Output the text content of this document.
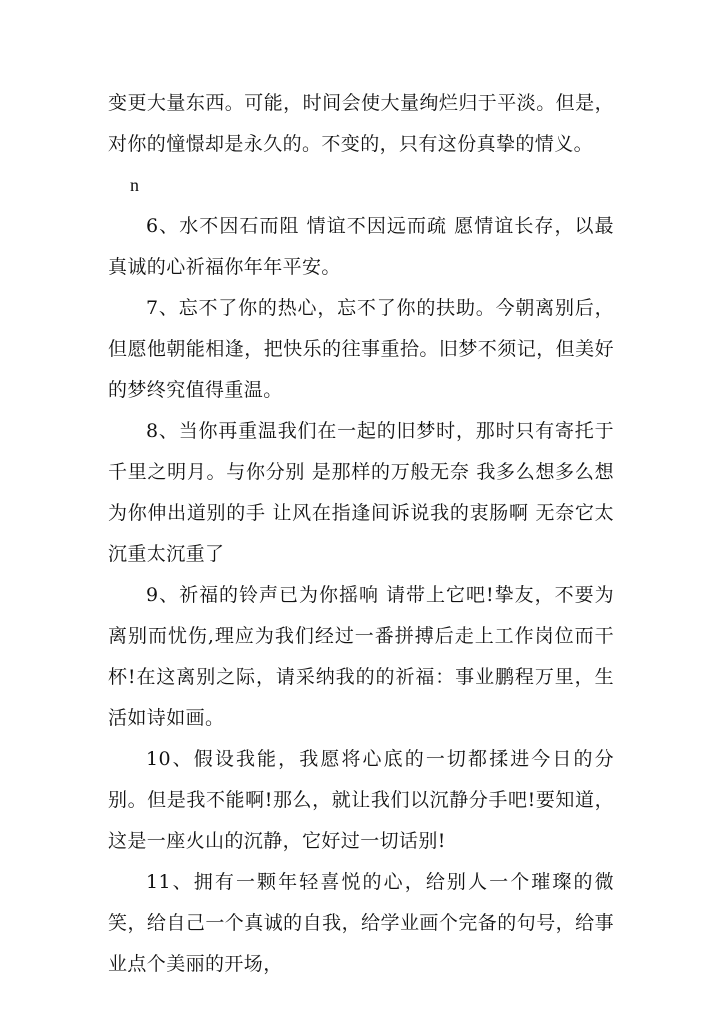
变更大量东西。可能，时间会使大量绚烂归于平淡。但是，对你的憧憬却是永久的。不变的，只有这份真挚的情义。

n

6、水不因石而阻 情谊不因远而疏 愿情谊长存，以最真诚的心祈福你年年平安。

7、忘不了你的热心，忘不了你的扶助。今朝离别后，但愿他朝能相逢，把快乐的往事重拾。旧梦不须记，但美好的梦终究值得重温。

8、当你再重温我们在一起的旧梦时，那时只有寄托于千里之明月。与你分别 是那样的万般无奈 我多么想多么想为你伸出道别的手 让风在指逢间诉说我的衷肠啊 无奈它太沉重太沉重了

9、祈福的铃声已为你摇响 请带上它吧!挚友，不要为离别而忧伤,理应为我们经过一番拼搏后走上工作岗位而干杯!在这离别之际，请采纳我的的祈福：事业鹏程万里，生活如诗如画。

10、假设我能，我愿将心底的一切都揉进今日的分别。但是我不能啊!那么，就让我们以沉静分手吧!要知道，这是一座火山的沉静，它好过一切话别!

11、拥有一颗年轻喜悦的心，给别人一个璀璨的微笑，给自己一个真诚的自我，给学业画个完备的句号，给事业点个美丽的开场，
